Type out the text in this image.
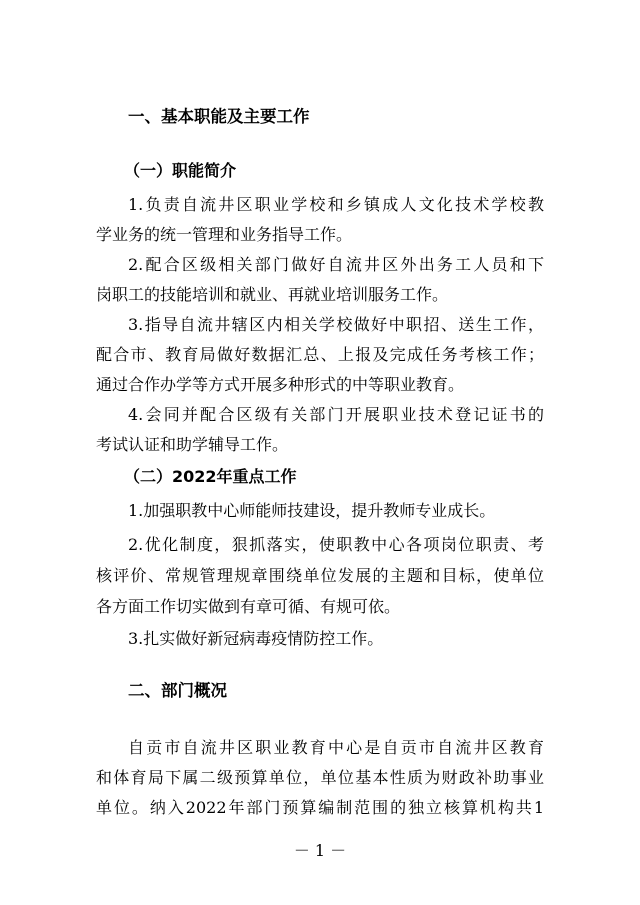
一、基本职能及主要工作
（一）职能简介
1.负责自流井区职业学校和乡镇成人文化技术学校教
学业务的统一管理和业务指导工作。
2.配合区级相关部门做好自流井区外出务工人员和下
岗职工的技能培训和就业、再就业培训服务工作。
3.指导自流井辖区内相关学校做好中职招、送生工作，
配合市、教育局做好数据汇总、上报及完成任务考核工作；
通过合作办学等方式开展多种形式的中等职业教育。
4.会同并配合区级有关部门开展职业技术登记证书的
考试认证和助学辅导工作。
（二）2022年重点工作
1.加强职教中心师能师技建设，提升教师专业成长。
2.优化制度，狠抓落实，使职教中心各项岗位职责、考
核评价、常规管理规章围绕单位发展的主题和目标，使单位
各方面工作切实做到有章可循、有规可依。
3.扎实做好新冠病毒疫情防控工作。
二、部门概况
自贡市自流井区职业教育中心是自贡市自流井区教育
和体育局下属二级预算单位，单位基本性质为财政补助事业
单位。纳入2022年部门预算编制范围的独立核算机构共1
－ 1 －
